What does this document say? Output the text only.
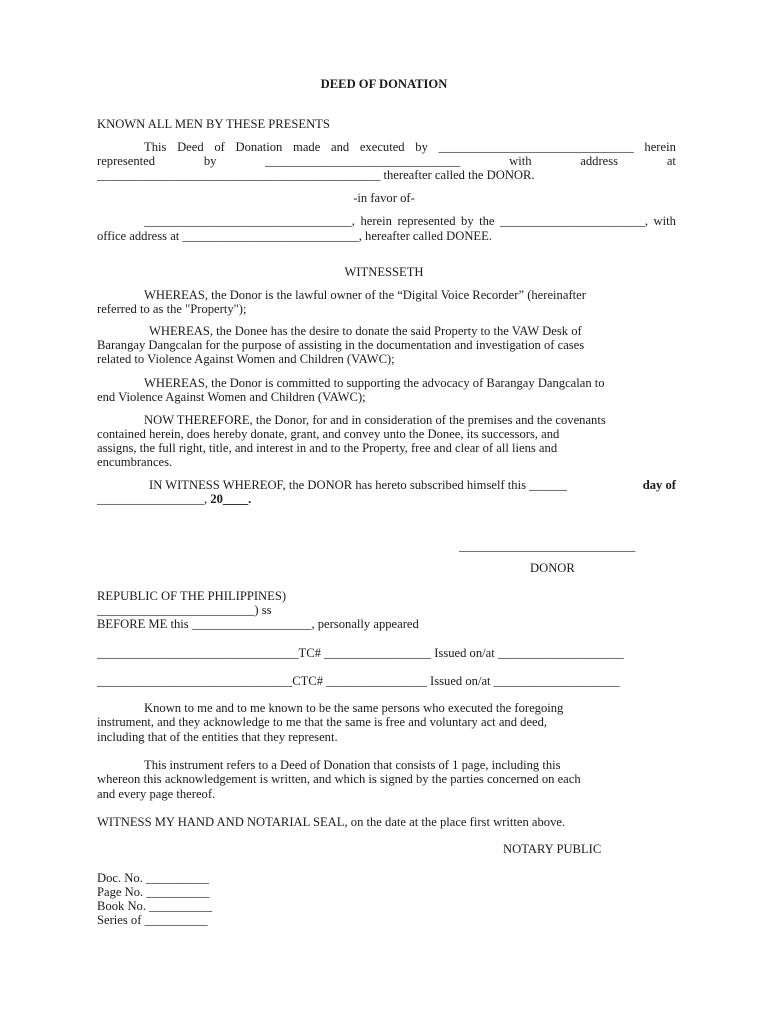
DEED OF DONATION
KNOWN ALL MEN BY THESE PRESENTS
This Deed of Donation made and executed by _______________________________ herein
represented	by	_______________________________	with	address	at
_____________________________________________ thereafter called the DONOR.
-in favor of-
_________________________________, herein represented by the _______________________, with
office address at ____________________________, hereafter called DONEE.
WITNESSETH
WHEREAS, the Donor is the lawful owner of the “Digital Voice Recorder” (hereinafter
referred to as the "Property");
WHEREAS, the Donee has the desire to donate the said Property to the VAW Desk of
Barangay Dangcalan for the purpose of assisting in the documentation and investigation of cases
related to Violence Against Women and Children (VAWC);
WHEREAS, the Donor is committed to supporting the advocacy of Barangay Dangcalan to
end Violence Against Women and Children (VAWC);
NOW THEREFORE, the Donor, for and in consideration of the premises and the covenants
contained herein, does hereby donate, grant, and convey unto the Donee, its successors, and
assigns, the full right, title, and interest in and to the Property, free and clear of all liens and
encumbrances.
IN WITNESS WHEREOF, the DONOR has hereto subscribed himself this ______	day of
_________________, 20____.
____________________________
DONOR
REPUBLIC OF THE PHILIPPINES)
_________________________) ss
BEFORE ME this ___________________, personally appeared
________________________________TC# _________________ Issued on/at ____________________
_______________________________CTC# ________________ Issued on/at ____________________
Known to me and to me known to be the same persons who executed the foregoing
instrument, and they acknowledge to me that the same is free and voluntary act and deed,
including that of the entities that they represent.
This instrument refers to a Deed of Donation that consists of 1 page, including this
whereon this acknowledgement is written, and which is signed by the parties concerned on each
and every page thereof.
WITNESS MY HAND AND NOTARIAL SEAL, on the date at the place first written above.
NOTARY PUBLIC
Doc. No. __________
Page No. __________
Book No. __________
Series of __________
